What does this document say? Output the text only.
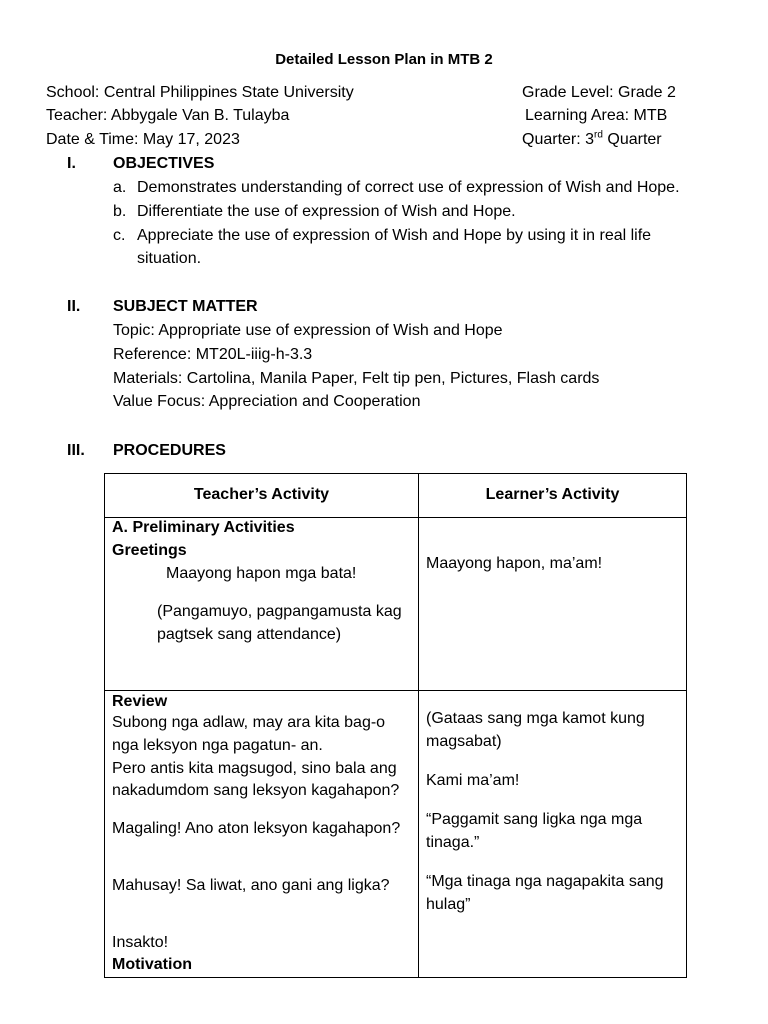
Detailed Lesson Plan in MTB 2
School: Central Philippines State University
Teacher: Abbygale Van B. Tulayba
Date & Time: May 17, 2023
Grade Level: Grade 2
Learning Area: MTB
Quarter: 3rd Quarter
I. OBJECTIVES
a. Demonstrates understanding of correct use of expression of Wish and Hope.
b. Differentiate the use of expression of Wish and Hope.
c. Appreciate the use of expression of Wish and Hope by using it in real life
situation.
II. SUBJECT MATTER
Topic: Appropriate use of expression of Wish and Hope
Reference: MT20L-iiig-h-3.3
Materials: Cartolina, Manila Paper, Felt tip pen, Pictures, Flash cards
Value Focus: Appreciation and Cooperation
III. PROCEDURES
Teacher’s Activity	Learner’s Activity
A. Preliminary Activities
Greetings
Maayong hapon mga bata!
(Pangamuyo, pagpangamusta kag
pagtsek sang attendance)
Maayong hapon, ma’am!
Review
Subong nga adlaw, may ara kita bag-o
nga leksyon nga pagatun- an.
Pero antis kita magsugod, sino bala ang
nakadumdom sang leksyon kagahapon?
Magaling! Ano aton leksyon kagahapon?
Mahusay! Sa liwat, ano gani ang ligka?
Insakto!
Motivation
(Gataas sang mga kamot kung
magsabat)
Kami ma’am!
“Paggamit sang ligka nga mga
tinaga.”
“Mga tinaga nga nagapakita sang
hulag”
